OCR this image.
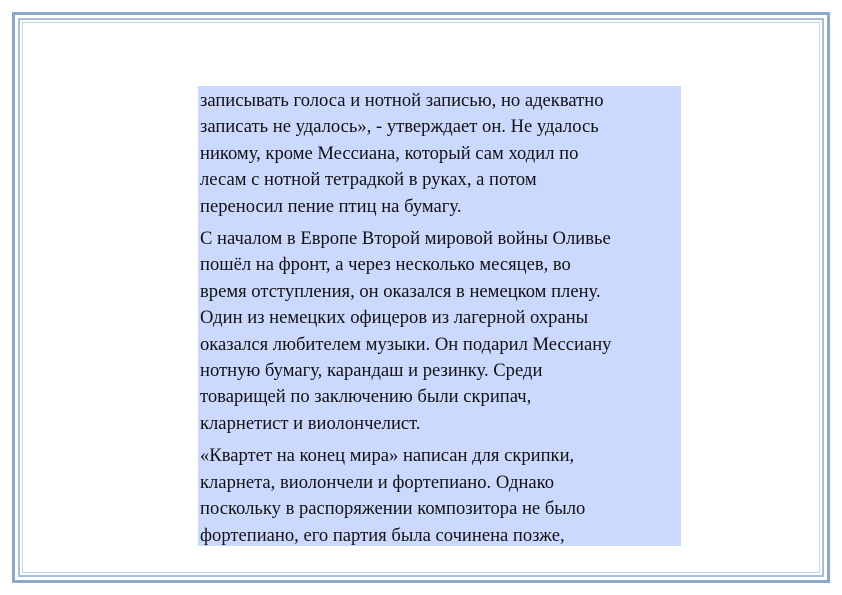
записывать голоса и нотной записью, но адекватно
записать не удалось», - утверждает он. Не удалось
никому, кроме Мессиана, который сам ходил по
лесам с нотной тетрадкой в руках, а потом
переносил пение птиц на бумагу.
С началом в Европе Второй мировой войны Оливье
пошёл на фронт, а через несколько месяцев, во
время отступления, он оказался в немецком плену.
Один из немецких офицеров из лагерной охраны
оказался любителем музыки. Он подарил Мессиану
нотную бумагу, карандаш и резинку. Среди
товарищей по заключению были скрипач,
кларнетист и виолончелист.
«Квартет на конец мира» написан для скрипки,
кларнета, виолончели и фортепиано. Однако
поскольку в распоряжении композитора не было
фортепиано, его партия была сочинена позже,
